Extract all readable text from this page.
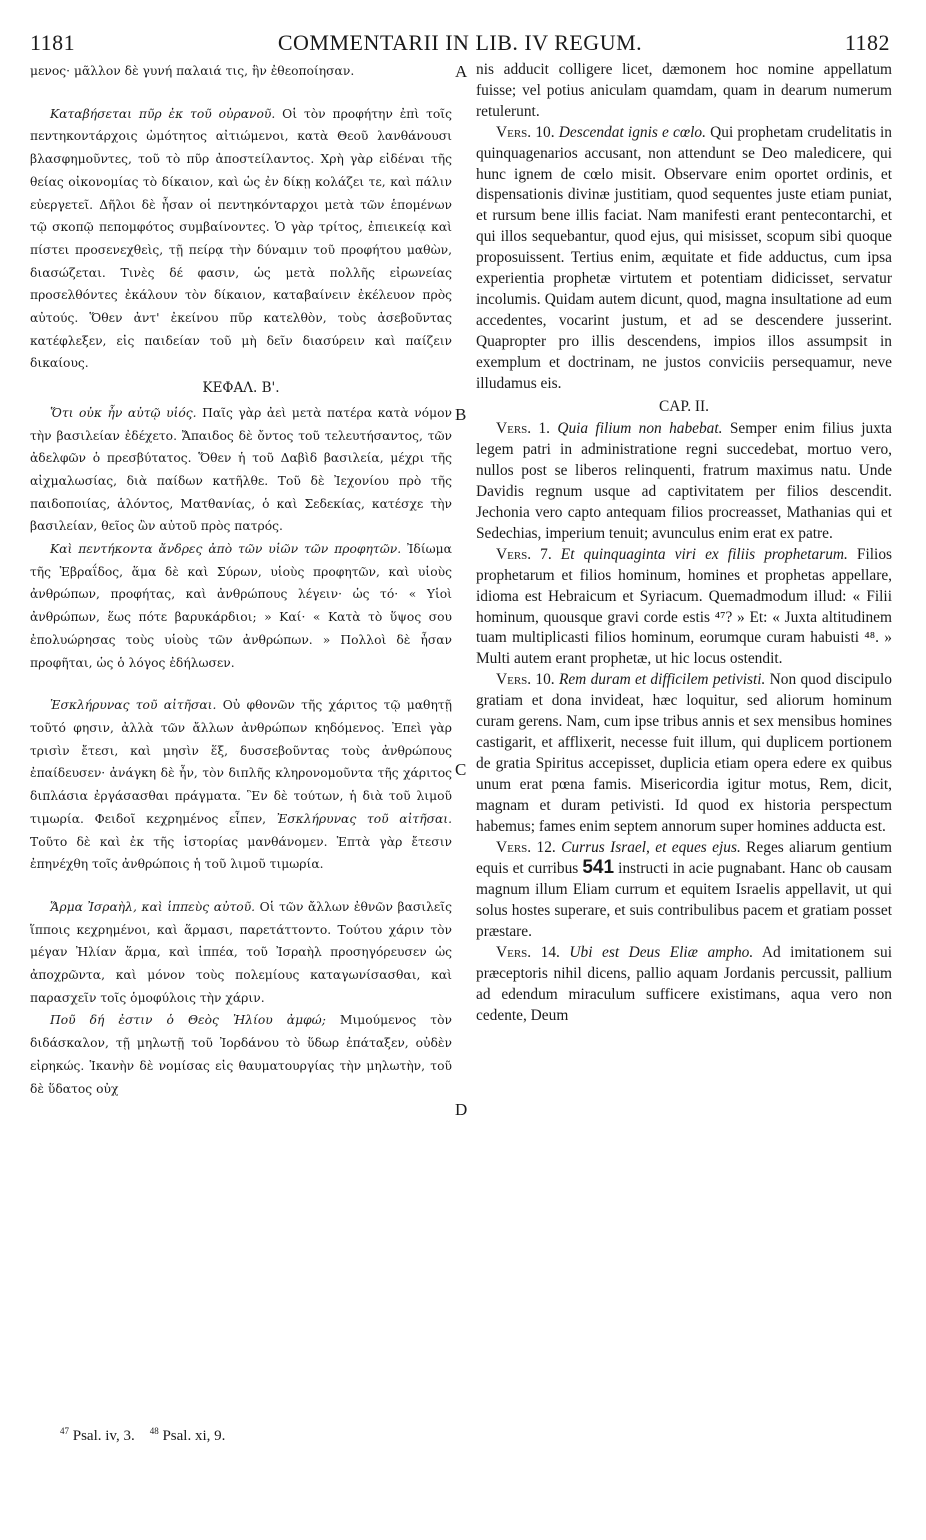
1181	COMMENTARII IN LIB. IV REGUM.	1182

μενος· μᾶλλον δὲ γυνή παλαιά τις, ἣν ἐθεοποίησαν.

Καταβήσεται πῦρ ἐκ τοῦ οὐρανοῦ. Οἱ τὸν προφήτην ἐπὶ τοῖς πεντηκοντάρχοις ὠμότητος αἰτιώμενοι, κατὰ Θεοῦ λανθάνουσι βλασφημοῦντες, τοῦ τὸ πῦρ ἀποστείλαντος. Χρὴ γὰρ εἰδέναι τῆς θείας οἰκονομίας τὸ δίκαιον, καὶ ὡς ἐν δίκῃ κολάζει τε, καὶ πάλιν εὐεργετεῖ. Δῆλοι δὲ ἦσαν οἱ πεντηκόνταρχοι μετὰ τῶν ἑπομένων τῷ σκοπῷ πεπομφότος συμβαίνοντες. Ὁ γὰρ τρίτος, ἐπιεικείᾳ καὶ πίστει προσενεχθεὶς, τῇ πείρᾳ τὴν δύναμιν τοῦ προφήτου μαθὼν, διασώζεται. Τινὲς δέ φασιν, ὡς μετὰ πολλῆς εἰρωνείας προσελθόντες ἐκάλουν τὸν δίκαιον, καταβαίνειν ἐκέλευον πρὸς αὐτούς. Ὅθεν ἀντ' ἐκείνου πῦρ κατελθὸν, τοὺς ἀσεβοῦντας κατέφλεξεν, εἰς παιδείαν τοῦ μὴ δεῖν διασύρειν καὶ παίζειν δικαίους.

ΚΕΦΑΛ. Β'.

Ὅτι οὐκ ἦν αὐτῷ υἱός. Παῖς γὰρ ἀεὶ μετὰ πατέρα κατὰ νόμον τὴν βασιλείαν ἐδέχετο. Ἄπαιδος δὲ ὄντος τοῦ τελευτήσαντος, τῶν ἀδελφῶν ὁ πρεσβύτατος. Ὅθεν ἡ τοῦ Δαβὶδ βασιλεία, μέχρι τῆς αἰχμαλωσίας, διὰ παίδων κατῆλθε. Τοῦ δὲ Ἰεχονίου πρὸ τῆς παιδοποιίας, ἁλόντος, Ματθανίας, ὁ καὶ Σεδεκίας, κατέσχε τὴν βασιλείαν, θεῖος ὢν αὐτοῦ πρὸς πατρός.

Καὶ πεντήκοντα ἄνδρες ἀπὸ τῶν υἱῶν τῶν προφητῶν. Ἰδίωμα τῆς Ἑβραΐδος, ἅμα δὲ καὶ Σύρων, υἱοὺς προφητῶν, καὶ υἱοὺς ἀνθρώπων, προφήτας, καὶ ἀνθρώπους λέγειν· ὡς τό· « Υἱοὶ ἀνθρώπων, ἕως πότε βαρυκάρδιοι; » Καί· « Κατὰ τὸ ὕψος σου ἐπολυώρησας τοὺς υἱοὺς τῶν ἀνθρώπων. » Πολλοὶ δὲ ἦσαν προφῆται, ὡς ὁ λόγος ἐδήλωσεν.

Ἐσκλήρυνας τοῦ αἰτῆσαι. Οὐ φθονῶν τῆς χάριτος τῷ μαθητῇ τοῦτό φησιν, ἀλλὰ τῶν ἄλλων ἀνθρώπων κηδόμενος. Ἐπεὶ γὰρ τρισὶν ἔτεσι, καὶ μησὶν ἕξ, δυσσεβοῦντας τοὺς ἀνθρώπους ἐπαίδευσεν· ἀνάγκη δὲ ἦν, τὸν διπλῆς κληρονομοῦντα τῆς χάριτος διπλάσια ἐργάσασθαι πράγματα. Ἓν δὲ τούτων, ἡ διὰ τοῦ λιμοῦ τιμωρία. Φειδοῖ κεχρημένος εἶπεν, Ἐσκλήρυνας τοῦ αἰτῆσαι. Τοῦτο δὲ καὶ ἐκ τῆς ἱστορίας μανθάνομεν. Ἑπτὰ γὰρ ἔτεσιν ἐπηνέχθη τοῖς ἀνθρώποις ἡ τοῦ λιμοῦ τιμωρία.

Ἅρμα Ἰσραὴλ, καὶ ἱππεὺς αὐτοῦ. Οἱ τῶν ἄλλων ἐθνῶν βασιλεῖς ἵπποις κεχρημένοι, καὶ ἅρμασι, παρετάττοντο. Τούτου χάριν τὸν μέγαν Ἠλίαν ἅρμα, καὶ ἱππέα, τοῦ Ἰσραὴλ προσηγόρευσεν ὡς ἀποχρῶντα, καὶ μόνον τοὺς πολεμίους καταγωνίσασθαι, καὶ παρασχεῖν τοῖς ὁμοφύλοις τὴν χάριν.

Ποῦ δή ἐστιν ὁ Θεὸς Ἠλίου ἀμφώ; Μιμούμενος τὸν διδάσκαλον, τῇ μηλωτῇ τοῦ Ἰορδάνου τὸ ὕδωρ ἐπάταξεν, οὐδὲν εἰρηκώς. Ἱκανὴν δὲ νομίσας εἰς θαυματουργίας τὴν μηλωτὴν, τοῦ δὲ ὕδατος οὐχ

nis adducit colligere licet, dæmonem hoc nomine appellatum fuisse; vel potius aniculam quamdam, quam in dearum numerum retulerunt.

Vers. 10. Descendat ignis e cœlo. Qui prophetam crudelitatis in quinquagenarios accusant, non attendunt se Deo maledicere, qui hunc ignem de cœlo misit. Observare enim oportet ordinis, et dispensationis divinæ justitiam, quod sequentes juste etiam puniat, et rursum bene illis faciat. Nam manifesti erant pentecontarchi, et qui illos sequebantur, quod ejus, qui misisset, scopum sibi quoque proposuissent. Tertius enim, æquitate et fide adductus, cum ipsa experientia prophetæ virtutem et potentiam didicisset, servatur incolumis. Quidam autem dicunt, quod, magna insultatione ad eum accedentes, vocarint justum, et ad se descendere jusserint. Quapropter pro illis descendens, impios illos assumpsit in exemplum et doctrinam, ne justos conviciis persequamur, neve illudamus eis.

CAP. II.

Vers. 1. Quia filium non habebat. Semper enim filius juxta legem patri in administratione regni succedebat, mortuo vero, nullos post se liberos relinquenti, fratrum maximus natu. Unde Davidis regnum usque ad captivitatem per filios descendit. Jechonia vero capto antequam filios procreasset, Mathanias qui et Sedechias, imperium tenuit; avunculus enim erat ex patre.

Vers. 7. Et quinquaginta viri ex filiis prophetarum. Filios prophetarum et filios hominum, homines et prophetas appellare, idioma est Hebraicum et Syriacum. Quemadmodum illud: « Filii hominum, quousque gravi corde estis ⁴⁷? » Et: « Juxta altitudinem tuam multiplicasti filios hominum, eorumque curam habuisti ⁴⁸. » Multi autem erant prophetæ, ut hic locus ostendit.

Vers. 10. Rem duram et difficilem petivisti. Non quod discipulo gratiam et dona invideat, hæc loquitur, sed aliorum hominum curam gerens. Nam, cum ipse tribus annis et sex mensibus homines castigarit, et afflixerit, necesse fuit illum, qui duplicem portionem de gratia Spiritus accepisset, duplicia etiam opera edere ex quibus unum erat pœna famis. Misericordia igitur motus, Rem, dicit, magnam et duram petivisti. Id quod ex historia perspectum habemus; fames enim septem annorum super homines adducta est.

Vers. 12. Currus Israel, et eques ejus. Reges aliarum gentium equis et curribus 541 instructi in acie pugnabant. Hanc ob causam magnum illum Eliam currum et equitem Israelis appellavit, ut qui solus hostes superare, et suis contribulibus pacem et gratiam posset præstare.

Vers. 14. Ubi est Deus Eliæ ampho. Ad imitationem sui præceptoris nihil dicens, pallio aquam Jordanis percussit, pallium ad edendum miraculum sufficere existimans, aqua vero non cedente, Deum

A
B
C
D
$^{47}$ Psal. iv, 3. $^{48}$ Psal. xi, 9.
